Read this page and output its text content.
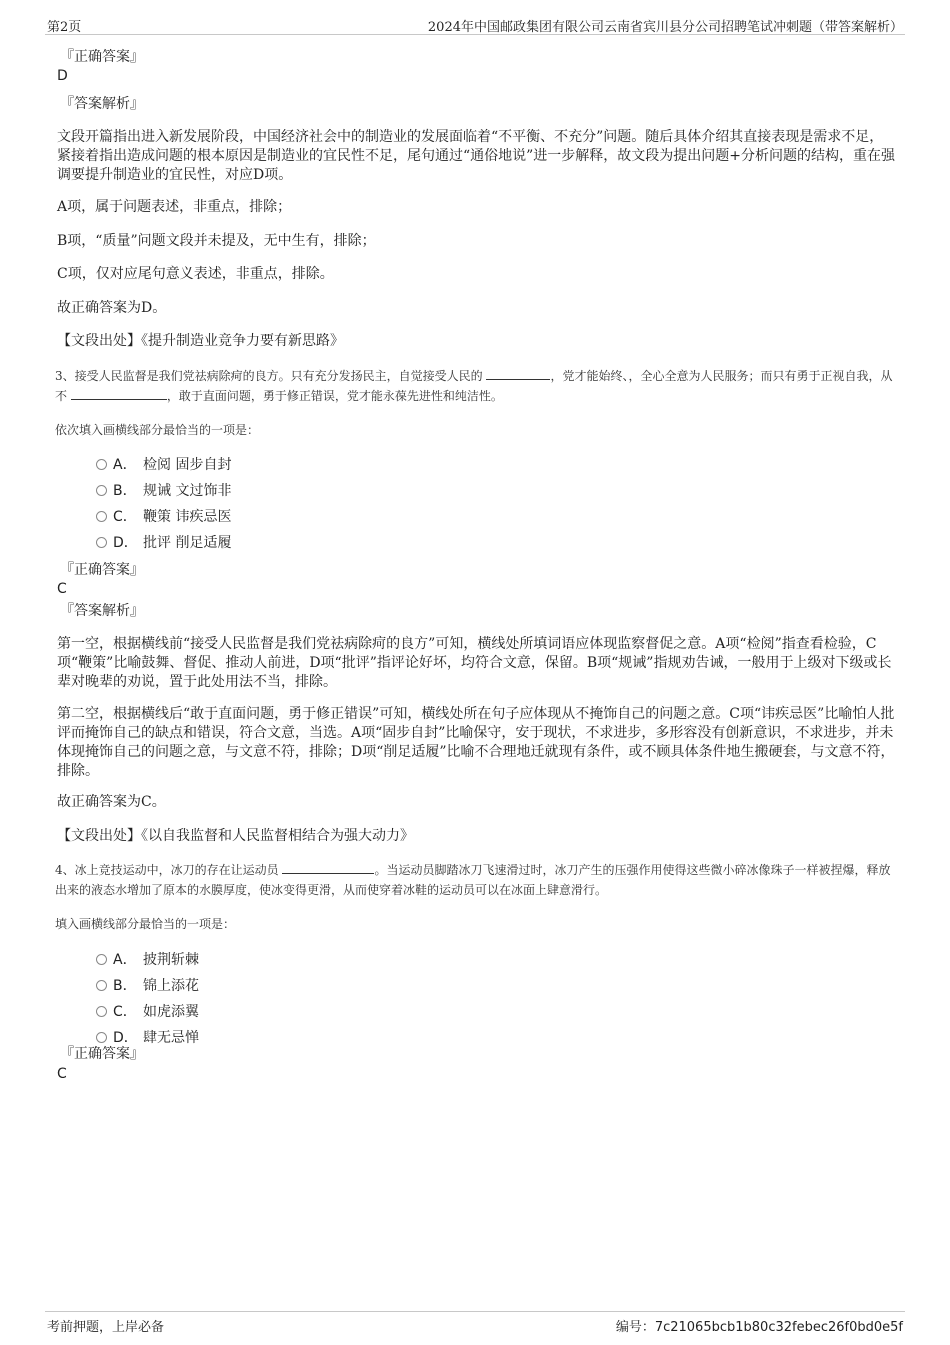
第2页	2024年中国邮政集团有限公司云南省宾川县分公司招聘笔试冲刺题（带答案解析）
『正确答案』
D
『答案解析』

文段开篇指出进入新发展阶段，中国经济社会中的制造业的发展面临着“不平衡、不充分”问题。随后具体介绍其直接表现是需求不足，紧接着指出造成问题的根本原因是制造业的宜民性不足，尾句通过“通俗地说”进一步解释，故文段为提出问题+分析问题的结构，重在强调要提升制造业的宜民性，对应D项。

A项，属于问题表述，非重点，排除；

B项，“质量”问题文段并未提及，无中生有，排除；

C项，仅对应尾句意义表述，非重点，排除。

故正确答案为D。

【文段出处】《提升制造业竞争力要有新思路》

3、接受人民监督是我们党祛病除疴的良方。只有充分发扬民主，自觉接受人民的	，党才能始终、，全心全意为人民服务；而只有勇于正视自我，从不	，敢于直面问题，勇于修正错误，党才能永葆先进性和纯洁性。

依次填入画横线部分最恰当的一项是：

A． 检阅 固步自封
B． 规诫 文过饰非
C． 鞭策 讳疾忌医
D． 批评 削足适履
『正确答案』
C
『答案解析』

第一空，根据横线前“接受人民监督是我们党祛病除疴的良方”可知，横线处所填词语应体现监察督促之意。A项“检阅”指查看检验，C项“鞭策”比喻鼓舞、督促、推动人前进，D项“批评”指评论好坏，均符合文意，保留。B项“规诫”指规劝告诫，一般用于上级对下级或长辈对晚辈的劝说，置于此处用法不当，排除。

第二空，根据横线后“敢于直面问题，勇于修正错误”可知，横线处所在句子应体现从不掩饰自己的问题之意。C项“讳疾忌医”比喻怕人批评而掩饰自己的缺点和错误，符合文意，当选。A项“固步自封”比喻保守，安于现状，不求进步，多形容没有创新意识，不求进步，并未体现掩饰自己的问题之意，与文意不符，排除；D项“削足适履”比喻不合理地迁就现有条件，或不顾具体条件地生搬硬套，与文意不符，排除。

故正确答案为C。

【文段出处】《以自我监督和人民监督相结合为强大动力》

4、冰上竞技运动中，冰刀的存在让运动员	。当运动员脚踏冰刀飞速滑过时，冰刀产生的压强作用使得这些微小碎冰像珠子一样被捏爆，释放出来的液态水增加了原本的水膜厚度，使冰变得更滑，从而使穿着冰鞋的运动员可以在冰面上肆意滑行。

填入画横线部分最恰当的一项是：

A． 披荆斩棘
B． 锦上添花
C． 如虎添翼
D． 肆无忌惮
『正确答案』
C
考前押题，上岸必备	编号：7c21065bcb1b80c32febec26f0bd0e5f
